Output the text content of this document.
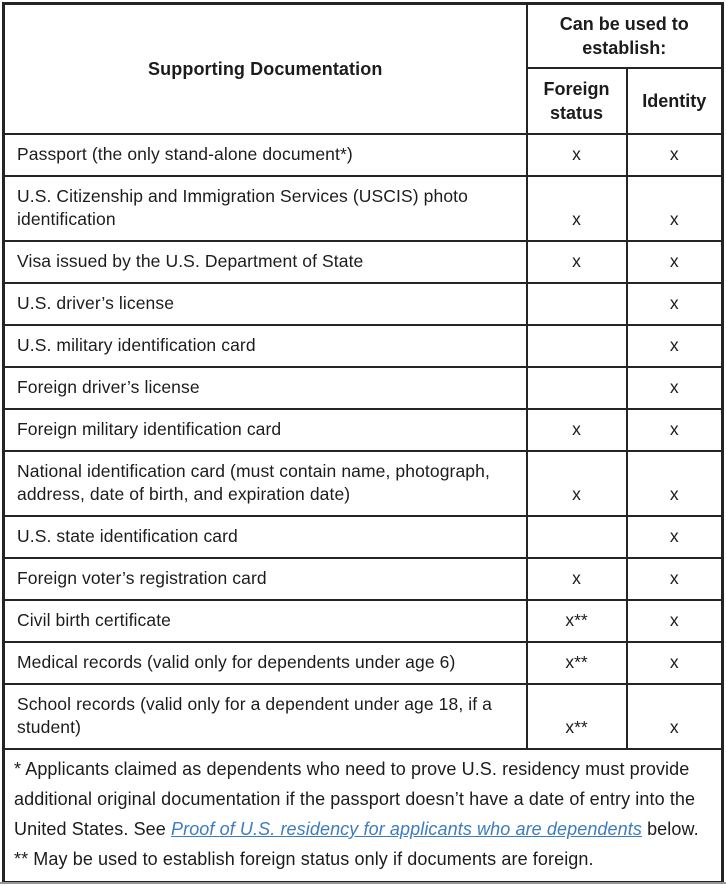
Supporting Documentation	Can be used to establish:	
	Foreign status	Identity
Passport (the only stand-alone document*)	x	x
U.S. Citizenship and Immigration Services (USCIS) photo identification	x	x
Visa issued by the U.S. Department of State	x	x
U.S. driver’s license		x
U.S. military identification card		x
Foreign driver’s license		x
Foreign military identification card	x	x
National identification card (must contain name, photograph, address, date of birth, and expiration date)	x	x
U.S. state identification card		x
Foreign voter’s registration card	x	x
Civil birth certificate	x**	x
Medical records (valid only for dependents under age 6)	x**	x
School records (valid only for a dependent under age 18, if a student)	x**	x

* Applicants claimed as dependents who need to prove U.S. residency must provide additional original documentation if the passport doesn’t have a date of entry into the United States. See Proof of U.S. residency for applicants who are dependents below.

** May be used to establish foreign status only if documents are foreign.		
